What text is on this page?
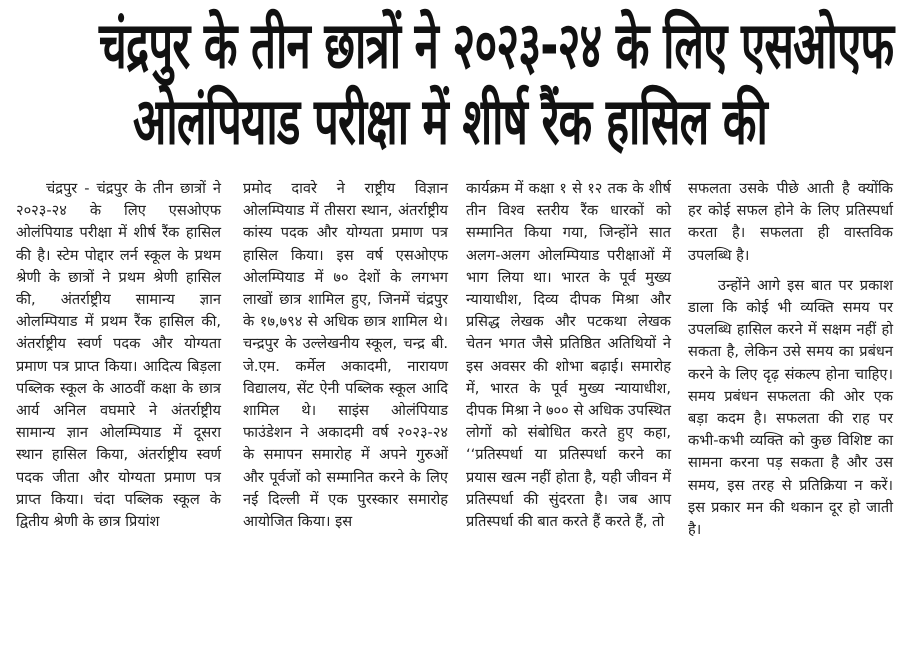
चंद्रपुर के तीन छात्रों ने २०२३-२४ के लिए एसओएफ
ओलंपियाड परीक्षा में शीर्ष रैंक हासिल की

चंद्रपुर - चंद्रपुर के तीन छात्रों ने २०२३-२४ के लिए एसओएफ ओलंपियाड परीक्षा में शीर्ष रैंक हासिल की है। स्टेम पोद्दार लर्न स्कूल के प्रथम श्रेणी के छात्रों ने प्रथम श्रेणी हासिल की, अंतर्राष्ट्रीय सामान्य ज्ञान ओलम्पियाड में प्रथम रैंक हासिल की, अंतर्राष्ट्रीय स्वर्ण पदक और योग्यता प्रमाण पत्र प्राप्त किया। आदित्य बिड़ला पब्लिक स्कूल के आठवीं कक्षा के छात्र आर्य अनिल वघमारे ने अंतर्राष्ट्रीय सामान्य ज्ञान ओलम्पियाड में दूसरा स्थान हासिल किया, अंतर्राष्ट्रीय स्वर्ण पदक जीता और योग्यता प्रमाण पत्र प्राप्त किया। चंदा पब्लिक स्कूल के द्वितीय श्रेणी के छात्र प्रियांश

प्रमोद दावरे ने राष्ट्रीय विज्ञान ओलम्पियाड में तीसरा स्थान, अंतर्राष्ट्रीय कांस्य पदक और योग्यता प्रमाण पत्र हासिल किया। इस वर्ष एसओएफ ओलम्पियाड में ७० देशों के लगभग लाखों छात्र शामिल हुए, जिनमें चंद्रपुर के १७,७९४ से अधिक छात्र शामिल थे। चन्द्रपुर के उल्लेखनीय स्कूल, चन्द्र बी. जे.एम. कर्मेल अकादमी, नारायण विद्यालय, सेंट ऐनी पब्लिक स्कूल आदि शामिल थे। साइंस ओलंपियाड फाउंडेशन ने अकादमी वर्ष २०२३-२४ के समापन समारोह में अपने गुरुओं और पूर्वजों को सम्मानित करने के लिए नई दिल्ली में एक पुरस्कार समारोह आयोजित किया। इस

कार्यक्रम में कक्षा १ से १२ तक के शीर्ष तीन विश्व स्तरीय रैंक धारकों को सम्मानित किया गया, जिन्होंने सात अलग-अलग ओलम्पियाड परीक्षाओं में भाग लिया था। भारत के पूर्व मुख्य न्यायाधीश, दिव्य दीपक मिश्रा और प्रसिद्ध लेखक और पटकथा लेखक चेतन भगत जैसे प्रतिष्ठित अतिथियों ने इस अवसर की शोभा बढ़ाई। समारोह में, भारत के पूर्व मुख्य न्यायाधीश, दीपक मिश्रा ने ७०० से अधिक उपस्थित लोगों को संबोधित करते हुए कहा, ‘‘प्रतिस्पर्धा या प्रतिस्पर्धा करने का प्रयास खत्म नहीं होता है, यही जीवन में प्रतिस्पर्धा की सुंदरता है। जब आप प्रतिस्पर्धा की बात करते हैं करते हैं, तो

सफलता उसके पीछे आती है क्योंकि हर कोई सफल होने के लिए प्रतिस्पर्धा करता है। सफलता ही वास्तविक उपलब्धि है।

उन्होंने आगे इस बात पर प्रकाश डाला कि कोई भी व्यक्ति समय पर उपलब्धि हासिल करने में सक्षम नहीं हो सकता है, लेकिन उसे समय का प्रबंधन करने के लिए दृढ़ संकल्प होना चाहिए। समय प्रबंधन सफलता की ओर एक बड़ा कदम है। सफलता की राह पर कभी-कभी व्यक्ति को कुछ विशिष्ट का सामना करना पड़ सकता है और उस समय, इस तरह से प्रतिक्रिया न करें। इस प्रकार मन की थकान दूर हो जाती है।
